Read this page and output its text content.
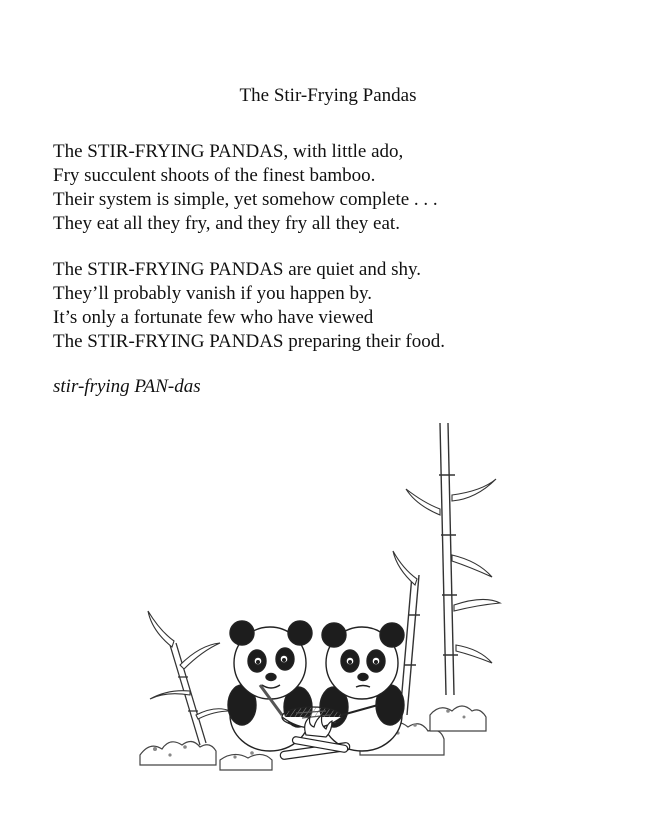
The Stir-Frying Pandas
The STIR-FRYING PANDAS, with little ado,
Fry succulent shoots of the finest bamboo.
Their system is simple, yet somehow complete . . .
They eat all they fry, and they fry all they eat.
The STIR-FRYING PANDAS are quiet and shy.
They’ll probably vanish if you happen by.
It’s only a fortunate few who have viewed
The STIR-FRYING PANDAS preparing their food.
stir-frying PAN-das
